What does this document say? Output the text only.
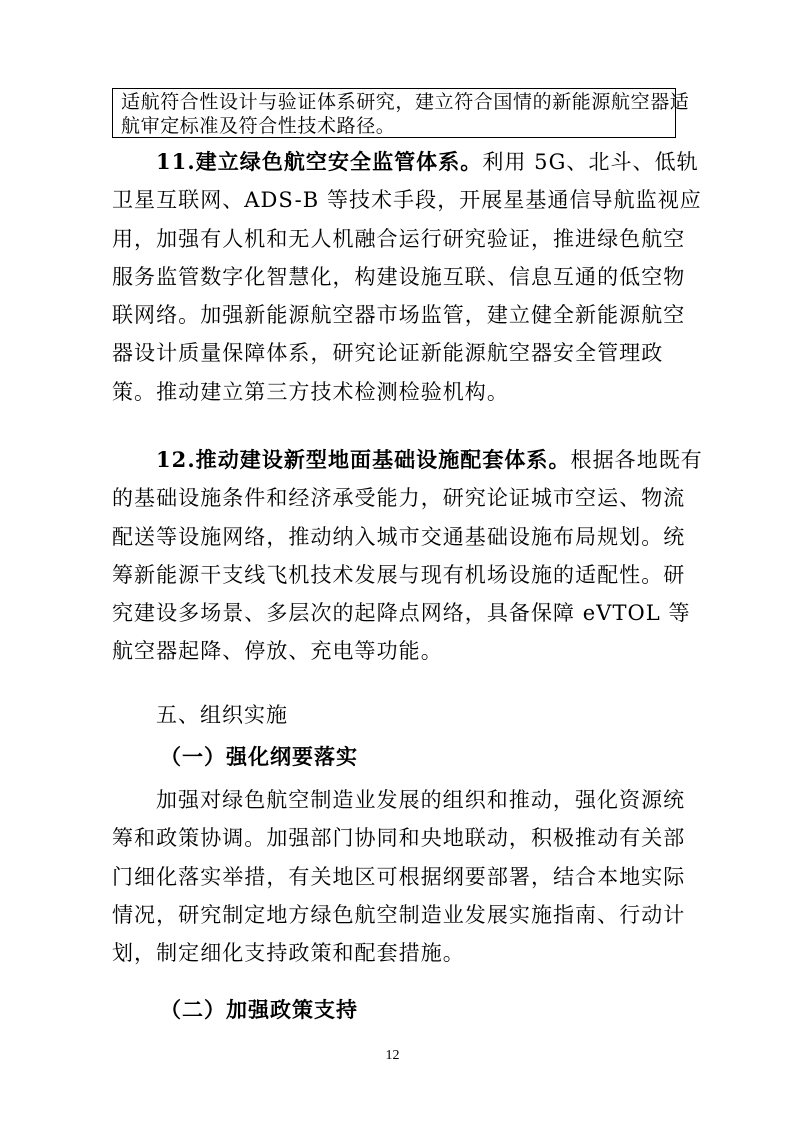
适航符合性设计与验证体系研究，建立符合国情的新能源航空器适
航审定标准及符合性技术路径。
11.建立绿色航空安全监管体系。利用 5G、北斗、低轨
卫星互联网、ADS-B 等技术手段，开展星基通信导航监视应
用，加强有人机和无人机融合运行研究验证，推进绿色航空
服务监管数字化智慧化，构建设施互联、信息互通的低空物
联网络。加强新能源航空器市场监管，建立健全新能源航空
器设计质量保障体系，研究论证新能源航空器安全管理政
策。推动建立第三方技术检测检验机构。
12.推动建设新型地面基础设施配套体系。根据各地既有
的基础设施条件和经济承受能力，研究论证城市空运、物流
配送等设施网络，推动纳入城市交通基础设施布局规划。统
筹新能源干支线飞机技术发展与现有机场设施的适配性。研
究建设多场景、多层次的起降点网络，具备保障 eVTOL 等
航空器起降、停放、充电等功能。
五、组织实施
（一）强化纲要落实
加强对绿色航空制造业发展的组织和推动，强化资源统
筹和政策协调。加强部门协同和央地联动，积极推动有关部
门细化落实举措，有关地区可根据纲要部署，结合本地实际
情况，研究制定地方绿色航空制造业发展实施指南、行动计
划，制定细化支持政策和配套措施。
（二）加强政策支持
12
